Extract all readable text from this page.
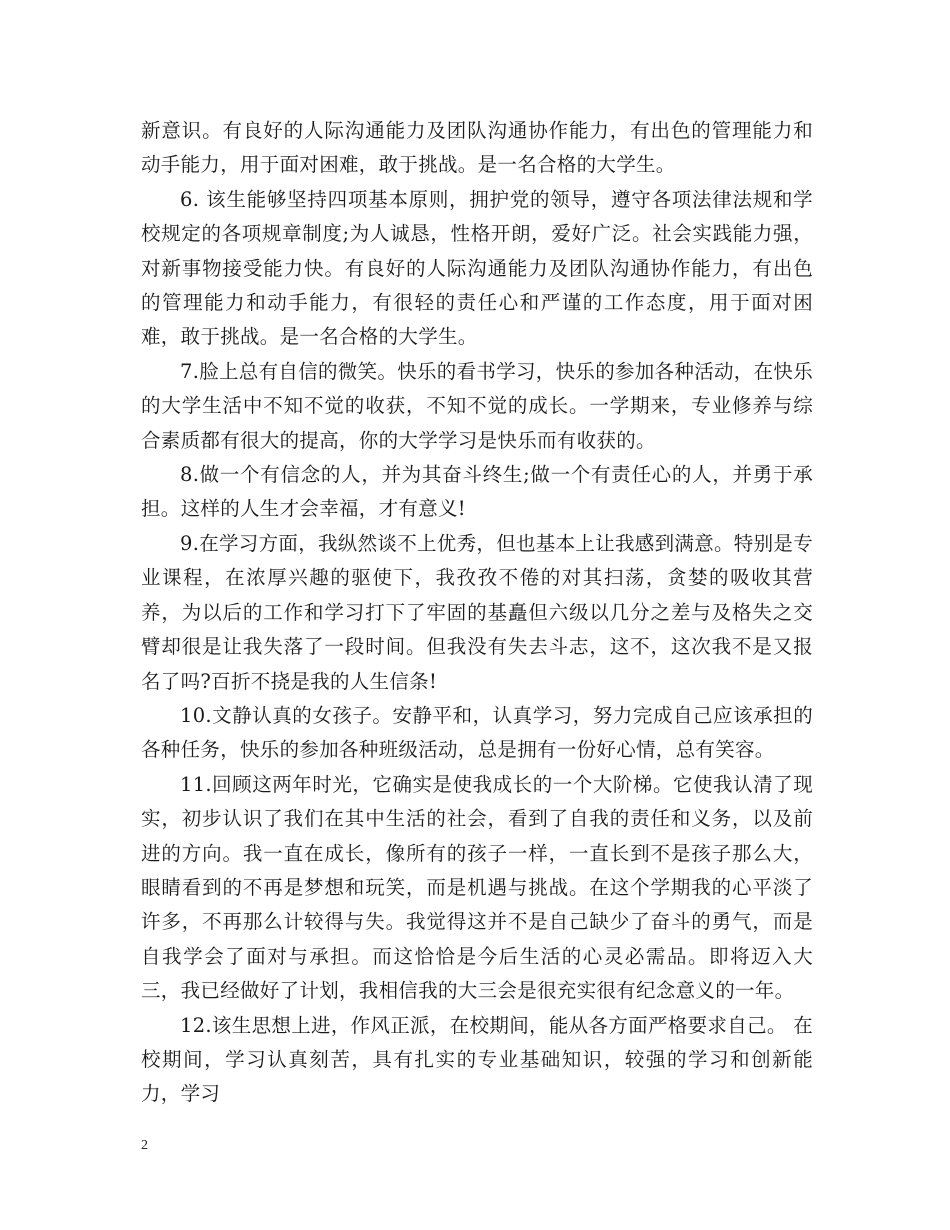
新意识。有良好的人际沟通能力及团队沟通协作能力，有出色的管理能力和动手能力，用于面对困难，敢于挑战。是一名合格的大学生。

6. 该生能够坚持四项基本原则，拥护党的领导，遵守各项法律法规和学校规定的各项规章制度;为人诚恳，性格开朗，爱好广泛。社会实践能力强，对新事物接受能力快。有良好的人际沟通能力及团队沟通协作能力，有出色的管理能力和动手能力，有很轻的责任心和严谨的工作态度，用于面对困难，敢于挑战。是一名合格的大学生。

7.脸上总有自信的微笑。快乐的看书学习，快乐的参加各种活动，在快乐的大学生活中不知不觉的收获，不知不觉的成长。一学期来，专业修养与综合素质都有很大的提高，你的大学学习是快乐而有收获的。

8.做一个有信念的人，并为其奋斗终生;做一个有责任心的人，并勇于承担。这样的人生才会幸福，才有意义!

9.在学习方面，我纵然谈不上优秀，但也基本上让我感到满意。特别是专业课程，在浓厚兴趣的驱使下，我孜孜不倦的对其扫荡，贪婪的吸收其营养，为以后的工作和学习打下了牢固的基矗但六级以几分之差与及格失之交臂却很是让我失落了一段时间。但我没有失去斗志，这不，这次我不是又报名了吗?百折不挠是我的人生信条!

10.文静认真的女孩子。安静平和，认真学习，努力完成自己应该承担的各种任务，快乐的参加各种班级活动，总是拥有一份好心情，总有笑容。

11.回顾这两年时光，它确实是使我成长的一个大阶梯。它使我认清了现实，初步认识了我们在其中生活的社会，看到了自我的责任和义务，以及前进的方向。我一直在成长，像所有的孩子一样，一直长到不是孩子那么大，眼睛看到的不再是梦想和玩笑，而是机遇与挑战。在这个学期我的心平淡了许多，不再那么计较得与失。我觉得这并不是自己缺少了奋斗的勇气，而是自我学会了面对与承担。而这恰恰是今后生活的心灵必需品。即将迈入大三，我已经做好了计划，我相信我的大三会是很充实很有纪念意义的一年。

12.该生思想上进，作风正派，在校期间，能从各方面严格要求自己。 在校期间，学习认真刻苦，具有扎实的专业基础知识，较强的学习和创新能力，学习

2
